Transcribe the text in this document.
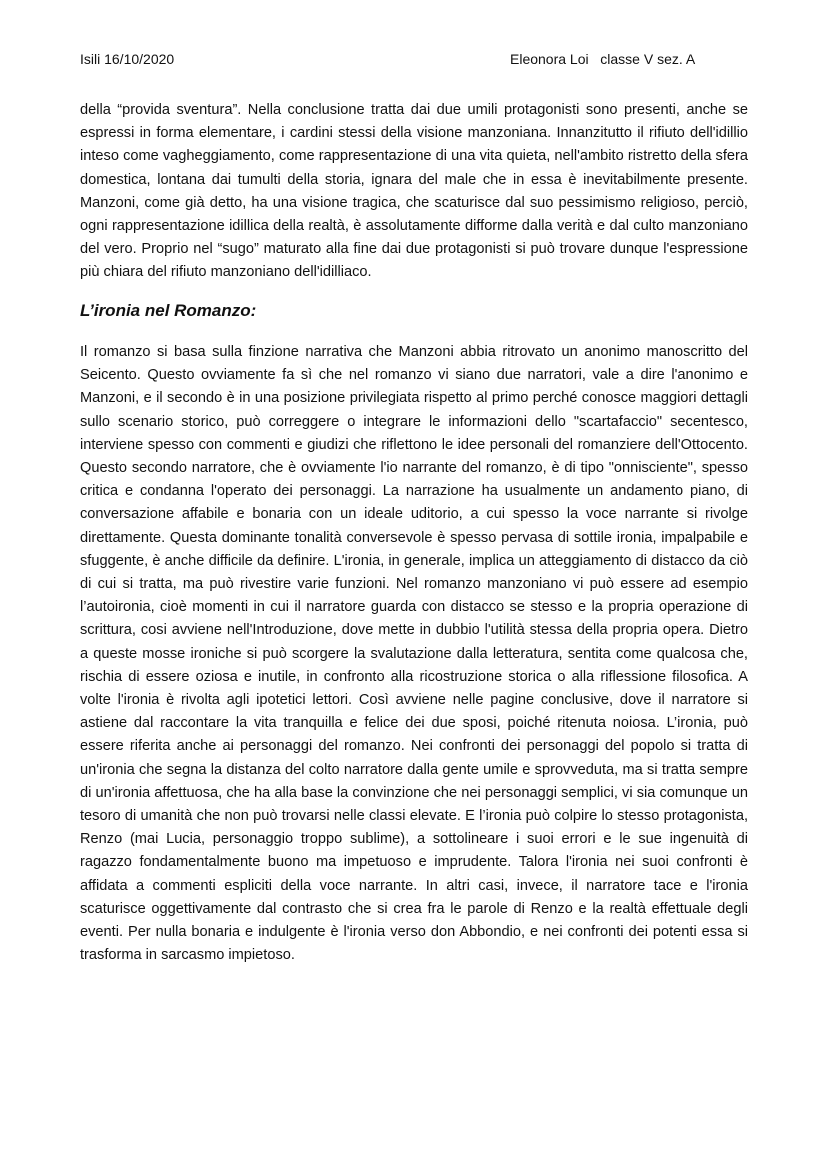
Isili 16/10/2020	Eleonora Loi   classe V sez. A

della “provida sventura”. Nella conclusione tratta dai due umili protagonisti sono presenti, anche se espressi in forma elementare, i cardini stessi della visione manzoniana. Innanzitutto il rifiuto dell'idillio inteso come vagheggiamento, come rappresentazione di una vita quieta, nell'ambito ristretto della sfera domestica, lontana dai tumulti della storia, ignara del male che in essa è inevitabilmente presente. Manzoni, come già detto, ha una visione tragica, che scaturisce dal suo pessimismo religioso, perciò, ogni rappresentazione idillica della realtà, è assolutamente difforme dalla verità e dal culto manzoniano del vero. Proprio nel “sugo” maturato alla fine dai due protagonisti si può trovare dunque l'espressione più chiara del rifiuto manzoniano dell'idilliaco.

L’ironia nel Romanzo:

Il romanzo si basa sulla finzione narrativa che Manzoni abbia ritrovato un anonimo manoscritto del Seicento. Questo ovviamente fa sì che nel romanzo vi siano due narratori, vale a dire l'anonimo e Manzoni, e il secondo è in una posizione privilegiata rispetto al primo perché conosce maggiori dettagli sullo scenario storico, può correggere o integrare le informazioni dello "scartafaccio" secentesco, interviene spesso con commenti e giudizi che riflettono le idee personali del romanziere dell'Ottocento. Questo secondo narratore, che è ovviamente l'io narrante del romanzo, è di tipo "onnisciente", spesso critica e condanna l'operato dei personaggi. La narrazione ha usualmente un andamento piano, di conversazione affabile e bonaria con un ideale uditorio, a cui spesso la voce narrante si rivolge direttamente. Questa dominante tonalità conversevole è spesso pervasa di sottile ironia, impalpabile e sfuggente, è anche difficile da definire. L'ironia, in generale, implica un atteggiamento di distacco da ciò di cui si tratta, ma può rivestire varie funzioni. Nel romanzo manzoniano vi può essere ad esempio l’autoironia, cioè momenti in cui il narratore guarda con distacco se stesso e la propria operazione di scrittura, cosi avviene nell'Introduzione, dove mette in dubbio l'utilità stessa della propria opera. Dietro a queste mosse ironiche si può scorgere la svalutazione dalla letteratura, sentita come qualcosa che, rischia di essere oziosa e inutile, in confronto alla ricostruzione storica o alla riflessione filosofica. A volte l'ironia è rivolta agli ipotetici lettori. Così avviene nelle pagine conclusive, dove il narratore si astiene dal raccontare la vita tranquilla e felice dei due sposi, poiché ritenuta noiosa. L’ironia, può essere riferita anche ai personaggi del romanzo. Nei confronti dei personaggi del popolo si tratta di un'ironia che segna la distanza del colto narratore dalla gente umile e sprovveduta, ma si tratta sempre di un'ironia affettuosa, che ha alla base la convinzione che nei personaggi semplici, vi sia comunque un tesoro di umanità che non può trovarsi nelle classi elevate. E l’ironia può colpire lo stesso protagonista, Renzo (mai Lucia, personaggio troppo sublime), a sottolineare i suoi errori e le sue ingenuità di ragazzo fondamentalmente buono ma impetuoso e imprudente. Talora l'ironia nei suoi confronti è affidata a commenti espliciti della voce narrante. In altri casi, invece, il narratore tace e l'ironia scaturisce oggettivamente dal contrasto che si crea fra le parole di Renzo e la realtà effettuale degli eventi. Per nulla bonaria e indulgente è l'ironia verso don Abbondio, e nei confronti dei potenti essa si trasforma in sarcasmo impietoso.
